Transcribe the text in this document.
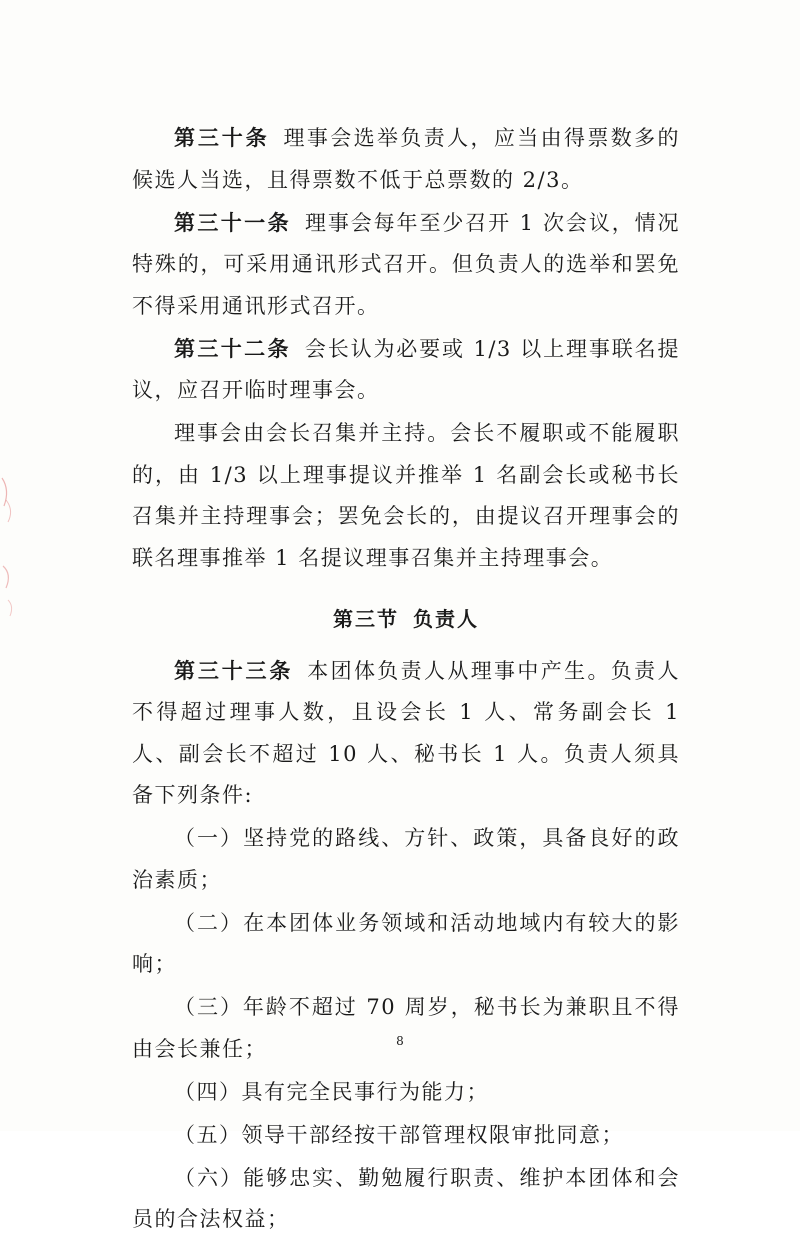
第三十条 理事会选举负责人，应当由得票数多的候选人当选，且得票数不低于总票数的 2/3。

第三十一条 理事会每年至少召开 1 次会议，情况特殊的，可采用通讯形式召开。但负责人的选举和罢免不得采用通讯形式召开。

第三十二条 会长认为必要或 1/3 以上理事联名提议，应召开临时理事会。

理事会由会长召集并主持。会长不履职或不能履职的，由 1/3 以上理事提议并推举 1 名副会长或秘书长召集并主持理事会；罢免会长的，由提议召开理事会的联名理事推举 1 名提议理事召集并主持理事会。

第三节 负责人

第三十三条 本团体负责人从理事中产生。负责人不得超过理事人数，且设会长 1 人、常务副会长 1 人、副会长不超过 10 人、秘书长 1 人。负责人须具备下列条件:

（一）坚持党的路线、方针、政策，具备良好的政治素质；

（二）在本团体业务领域和活动地域内有较大的影响；

（三）年龄不超过 70 周岁，秘书长为兼职且不得由会长兼任；

（四）具有完全民事行为能力；

（五）领导干部经按干部管理权限审批同意；

（六）能够忠实、勤勉履行职责、维护本团体和会员的合法权益；

8
